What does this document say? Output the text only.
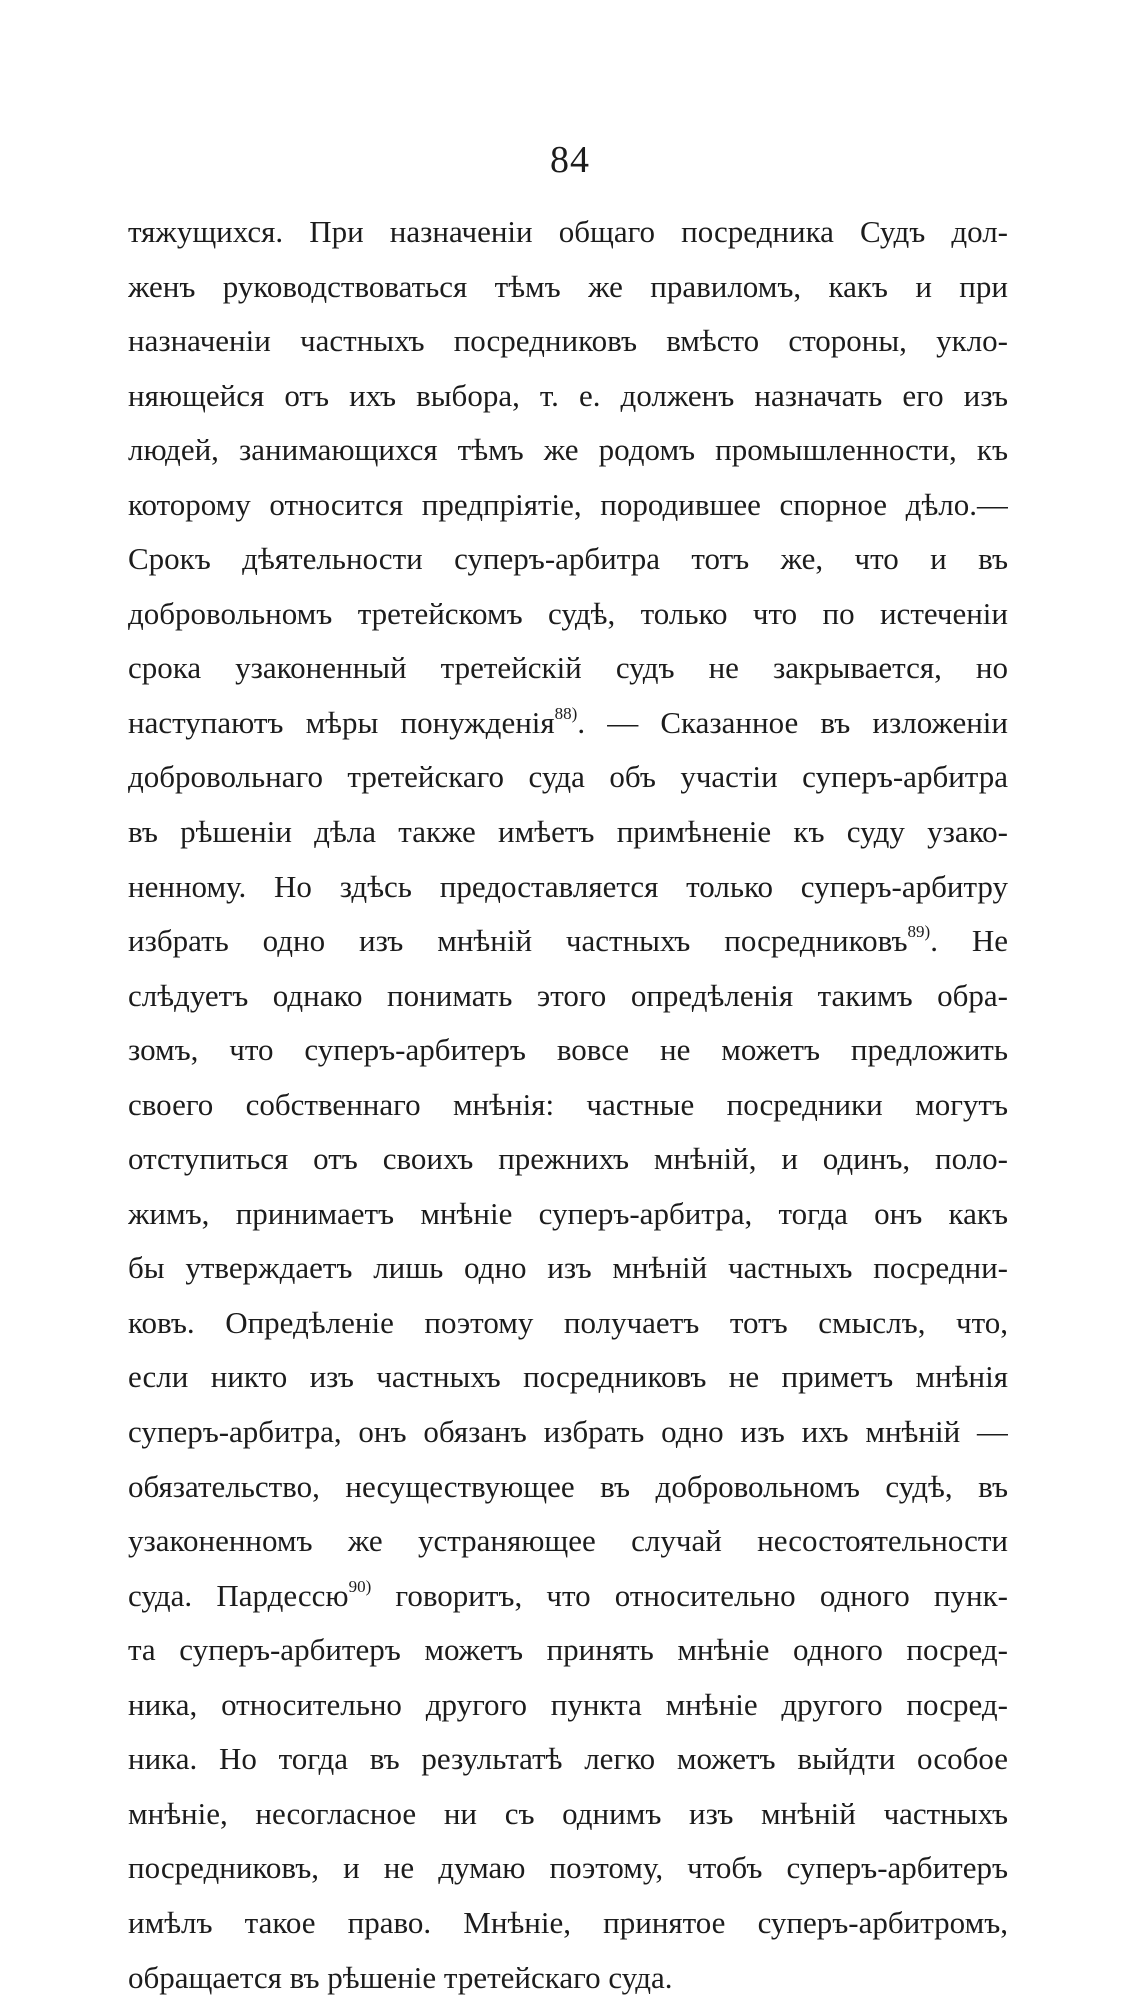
84
тяжущихся. При назначеніи общаго посредника Судъ дол-
женъ руководствоваться тѣмъ же правиломъ, какъ и при
назначеніи частныхъ посредниковъ вмѣсто стороны, укло-
няющейся отъ ихъ выбора, т. е. долженъ назначать его изъ
людей, занимающихся тѣмъ же родомъ промышленности, къ
которому относится предпріятіе, породившее спорное дѣло.—
Срокъ дѣятельности суперъ-арбитра тотъ же, что и въ
добровольномъ третейскомъ судѣ, только что по истеченіи
срока узаконенный третейскій судъ не закрывается, но
наступаютъ мѣры понужденія$^{88)}$. — Сказанное въ изложеніи
добровольнаго третейскаго суда объ участіи суперъ-арбитра
въ рѣшеніи дѣла также имѣетъ примѣненіе къ суду узако-
ненному. Но здѣсь предоставляется только суперъ-арбитру
избрать одно изъ мнѣній частныхъ посредниковъ$^{89)}$. Не
слѣдуетъ однако понимать этого опредѣленія такимъ обра-
зомъ, что суперъ-арбитеръ вовсе не можетъ предложить
своего собственнаго мнѣнія: частные посредники могутъ
отступиться отъ своихъ прежнихъ мнѣній, и одинъ, поло-
жимъ, принимаетъ мнѣніе суперъ-арбитра, тогда онъ какъ
бы утверждаетъ лишь одно изъ мнѣній частныхъ посредни-
ковъ. Опредѣленіе поэтому получаетъ тотъ смыслъ, что,
если никто изъ частныхъ посредниковъ не приметъ мнѣнія
суперъ-арбитра, онъ обязанъ избрать одно изъ ихъ мнѣній —
обязательство, несуществующее въ добровольномъ судѣ, въ
узаконенномъ же устраняющее случай несостоятельности
суда. Пардессю$^{90)}$ говоритъ, что относительно одного пунк-
та суперъ-арбитеръ можетъ принять мнѣніе одного посред-
ника, относительно другого пункта мнѣніе другого посред-
ника. Но тогда въ результатѣ легко можетъ выйдти особое
мнѣніе, несогласное ни съ однимъ изъ мнѣній частныхъ
посредниковъ, и не думаю поэтому, чтобъ суперъ-арбитеръ
имѣлъ такое право. Мнѣніе, принятое суперъ-арбитромъ,
обращается въ рѣшеніе третейскаго суда.
